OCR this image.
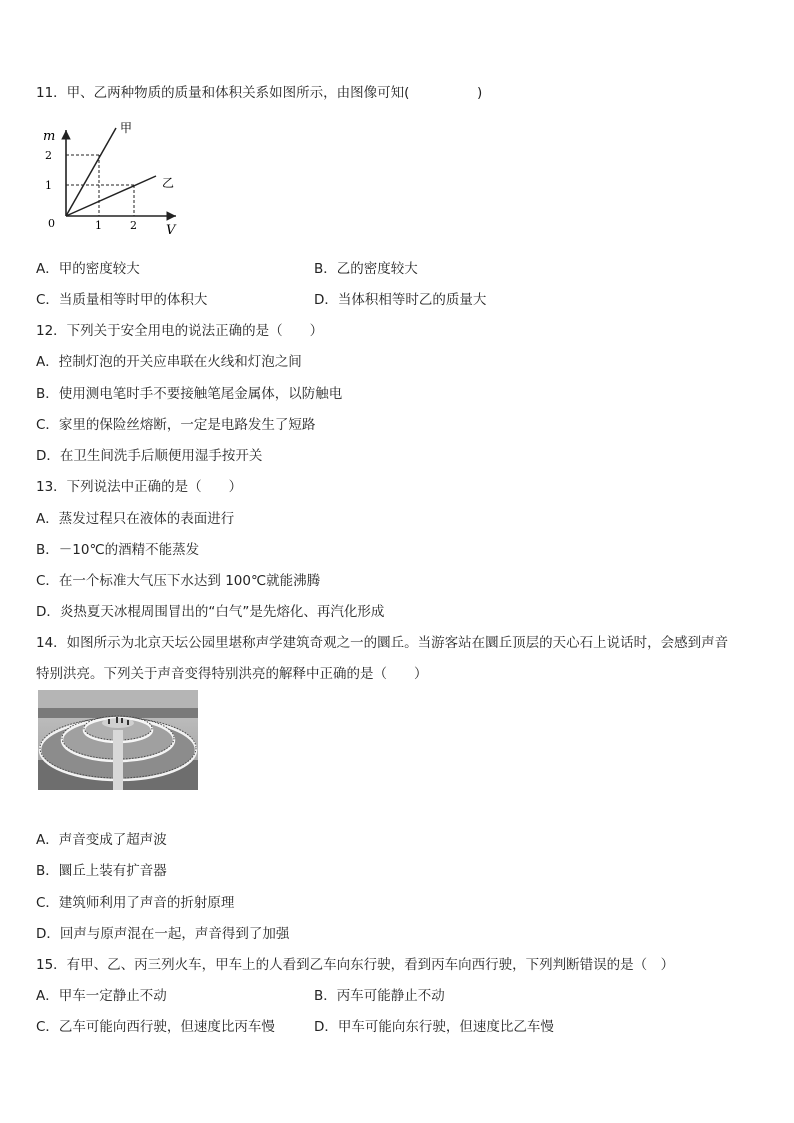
11．甲、乙两种物质的质量和体积关系如图所示，由图像可知(　　　　　)
m
V
0
2
1
1	2
甲
乙
A．甲的密度较大	B．乙的密度较大
C．当质量相等时甲的体积大	D．当体积相等时乙的质量大
12．下列关于安全用电的说法正确的是（　　）
A．控制灯泡的开关应串联在火线和灯泡之间
B．使用测电笔时手不要接触笔尾金属体，以防触电
C．家里的保险丝熔断，一定是电路发生了短路
D．在卫生间洗手后顺便用湿手按开关
13．下列说法中正确的是（　　）
A．蒸发过程只在液体的表面进行
B．－10℃的酒精不能蒸发
C．在一个标准大气压下水达到 100℃就能沸腾
D．炎热夏天冰棍周围冒出的“白气”是先熔化、再汽化形成
14．如图所示为北京天坛公园里堪称声学建筑奇观之一的圜丘。当游客站在圜丘顶层的天心石上说话时，会感到声音
特别洪亮。下列关于声音变得特别洪亮的解释中正确的是（　　）
A．声音变成了超声波
B．圜丘上装有扩音器
C．建筑师利用了声音的折射原理
D．回声与原声混在一起，声音得到了加强
15．有甲、乙、丙三列火车，甲车上的人看到乙车向东行驶，看到丙车向西行驶，下列判断错误的是（　）
A．甲车一定静止不动	B．丙车可能静止不动
C．乙车可能向西行驶，但速度比丙车慢	D．甲车可能向东行驶，但速度比乙车慢
